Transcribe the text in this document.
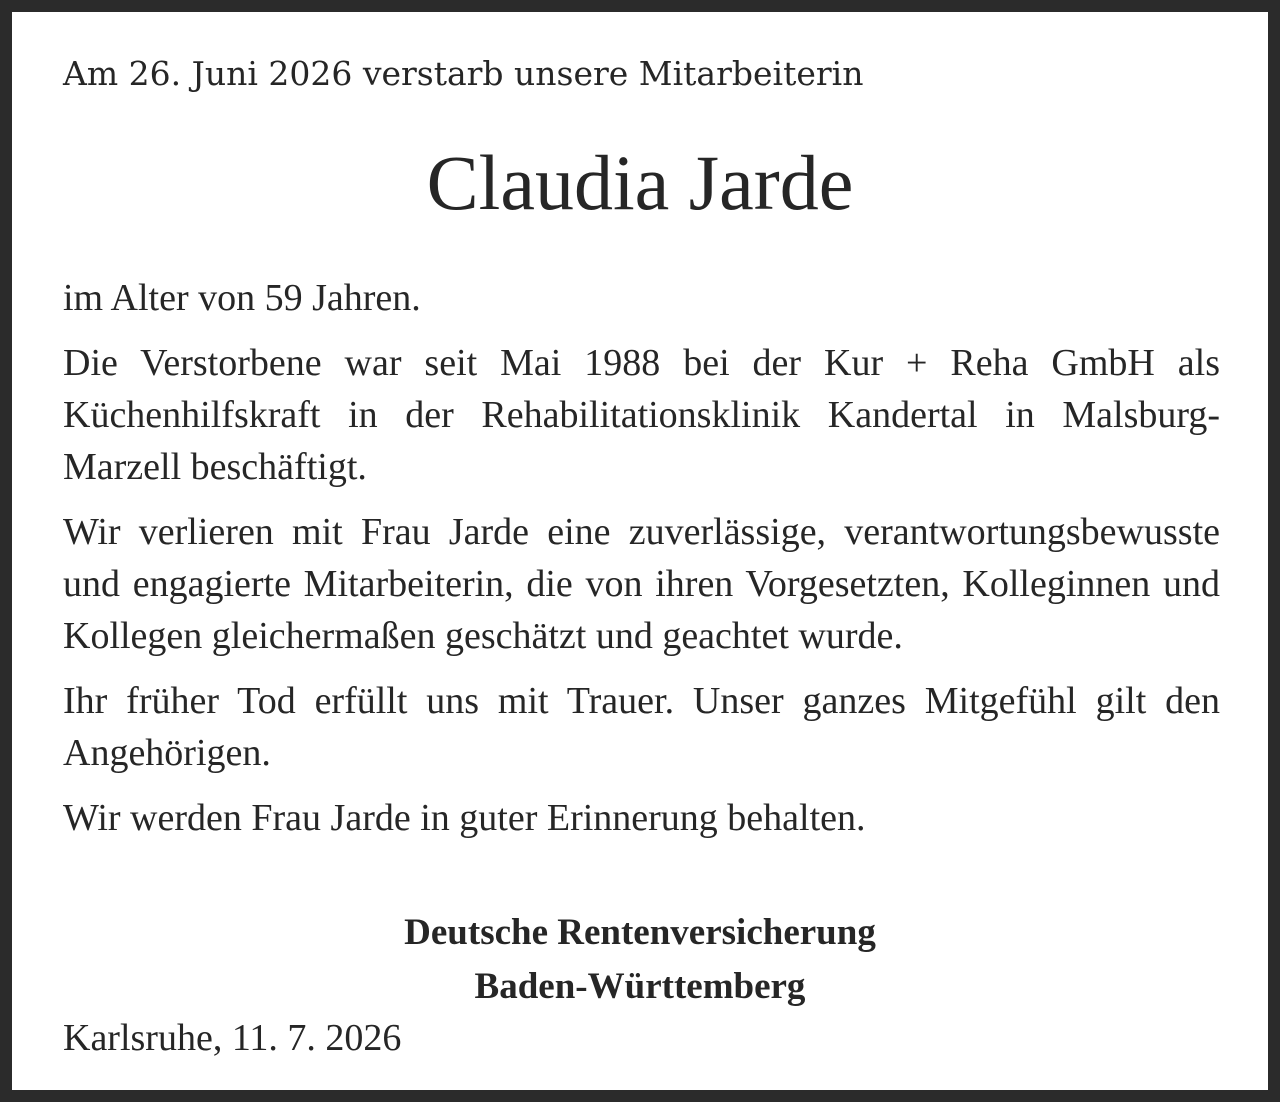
Am 26. Juni 2026 verstarb unsere Mitarbeiterin
Claudia Jarde

im Alter von 59 Jahren.

Die Verstorbene war seit Mai 1988 bei der Kur + Reha GmbH als Küchenhilfskraft in der Rehabilitationsklinik Kandertal in Malsburg-Marzell beschäftigt.

Wir verlieren mit Frau Jarde eine zuverlässige, verantwortungsbewusste und engagierte Mitarbeiterin, die von ihren Vorgesetzten, Kolleginnen und Kollegen gleichermaßen geschätzt und geachtet wurde.

Ihr früher Tod erfüllt uns mit Trauer. Unser ganzes Mitgefühl gilt den Angehörigen.

Wir werden Frau Jarde in guter Erinnerung behalten.

Deutsche Rentenversicherung
Baden-Württemberg
Karlsruhe, 11. 7. 2026
